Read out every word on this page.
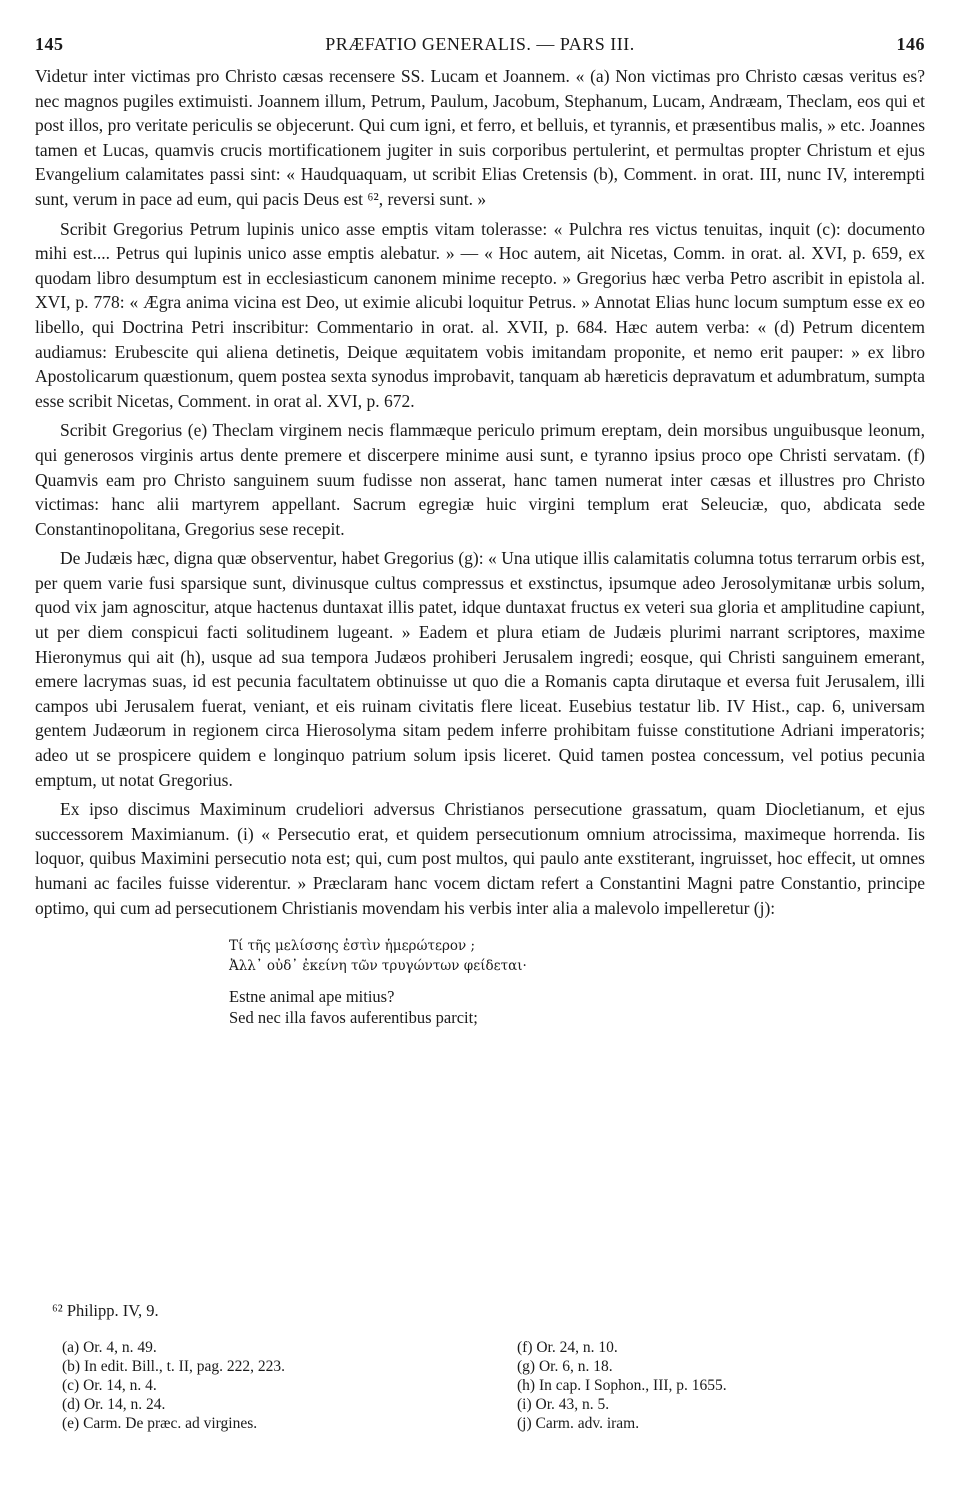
145	PRÆFATIO GENERALIS. — PARS III.	146

Videtur inter victimas pro Christo cæsas recensere SS. Lucam et Joannem. « (a) Non victimas pro Christo cæsas veritus es? nec magnos pugiles extimuisti. Joannem illum, Petrum, Paulum, Jacobum, Stephanum, Lucam, Andræam, Theclam, eos qui et post illos, pro veritate periculis se objecerunt. Qui cum igni, et ferro, et belluis, et tyrannis, et præsentibus malis, » etc. Joannes tamen et Lucas, quamvis crucis mortificationem jugiter in suis corporibus pertulerint, et permultas propter Christum et ejus Evangelium calamitates passi sint: « Haudquaquam, ut scribit Elias Cretensis (b), Comment. in orat. III, nunc IV, interempti sunt, verum in pace ad eum, qui pacis Deus est ⁶², reversi sunt. »

Scribit Gregorius Petrum lupinis unico asse emptis vitam tolerasse: « Pulchra res victus tenuitas, inquit (c): documento mihi est.... Petrus qui lupinis unico asse emptis alebatur. » — « Hoc autem, ait Nicetas, Comm. in orat. al. XVI, p. 659, ex quodam libro desumptum est in ecclesiasticum canonem minime recepto. » Gregorius hæc verba Petro ascribit in epistola al. XVI, p. 778: « Ægra anima vicina est Deo, ut eximie alicubi loquitur Petrus. » Annotat Elias hunc locum sumptum esse ex eo libello, qui Doctrina Petri inscribitur: Commentario in orat. al. XVII, p. 684. Hæc autem verba: « (d) Petrum dicentem audiamus: Erubescite qui aliena detinetis, Deique æquitatem vobis imitandam proponite, et nemo erit pauper: » ex libro Apostolicarum quæstionum, quem postea sexta synodus improbavit, tanquam ab hæreticis depravatum et adumbratum, sumpta esse scribit Nicetas, Comment. in orat al. XVI, p. 672.

Scribit Gregorius (e) Theclam virginem necis flammæque periculo primum ereptam, dein morsibus unguibusque leonum, qui generosos virginis artus dente premere et discerpere minime ausi sunt, e tyranno ipsius proco ope Christi servatam. (f) Quamvis eam pro Christo sanguinem suum fudisse non asserat, hanc tamen numerat inter cæsas et illustres pro Christo victimas: hanc alii martyrem appellant. Sacrum egregiæ huic virgini templum erat Seleuciæ, quo, abdicata sede Constantinopolitana, Gregorius sese recepit.

De Judæis hæc, digna quæ observentur, habet Gregorius (g): « Una utique illis calamitatis columna totus terrarum orbis est, per quem varie fusi sparsique sunt, divinusque cultus compressus et exstinctus, ipsumque adeo Jerosolymitanæ urbis solum, quod vix jam agnoscitur, atque hactenus duntaxat illis patet, idque duntaxat fructus ex veteri sua gloria et amplitudine capiunt, ut per diem conspicui facti solitudinem lugeant. » Eadem et plura etiam de Judæis plurimi narrant scriptores, maxime Hieronymus qui ait (h), usque ad sua tempora Judæos prohiberi Jerusalem ingredi; eosque, qui Christi sanguinem emerant, emere lacrymas suas, id est pecunia facultatem obtinuisse ut quo die a Romanis capta dirutaque et eversa fuit Jerusalem, illi campos ubi Jerusalem fuerat, veniant, et eis ruinam civitatis flere liceat. Eusebius testatur lib. IV Hist., cap. 6, universam gentem Judæorum in regionem circa Hierosolyma sitam pedem inferre prohibitam fuisse constitutione Adriani imperatoris; adeo ut se prospicere quidem e longinquo patrium solum ipsis liceret. Quid tamen postea concessum, vel potius pecunia emptum, ut notat Gregorius.

Ex ipso discimus Maximinum crudeliori adversus Christianos persecutione grassatum, quam Diocletianum, et ejus successorem Maximianum. (i) « Persecutio erat, et quidem persecutionum omnium atrocissima, maximeque horrenda. Iis loquor, quibus Maximini persecutio nota est; qui, cum post multos, qui paulo ante exstiterant, ingruisset, hoc effecit, ut omnes humani ac faciles fuisse viderentur. » Præclaram hanc vocem dictam refert a Constantini Magni patre Constantio, principe optimo, qui cum ad persecutionem Christianis movendam his verbis inter alia a malevolo impelleretur (j):

Τί τῆς μελίσσης ἐστὶν ἡμερώτερον ;
Ἀλλ᾽ οὐδ᾽ ἐκείνη τῶν τρυγώντων φείδεται·
Estne animal ape mitius?
Sed nec illa favos auferentibus parcit;
⁶² Philipp. IV, 9.
(a) Or. 4, n. 49.
(b) In edit. Bill., t. II, pag. 222, 223.
(c) Or. 14, n. 4.
(d) Or. 14, n. 24.
(e) Carm. De præc. ad virgines.
(f) Or. 24, n. 10.
(g) Or. 6, n. 18.
(h) In cap. I Sophon., III, p. 1655.
(i) Or. 43, n. 5.
(j) Carm. adv. iram.
